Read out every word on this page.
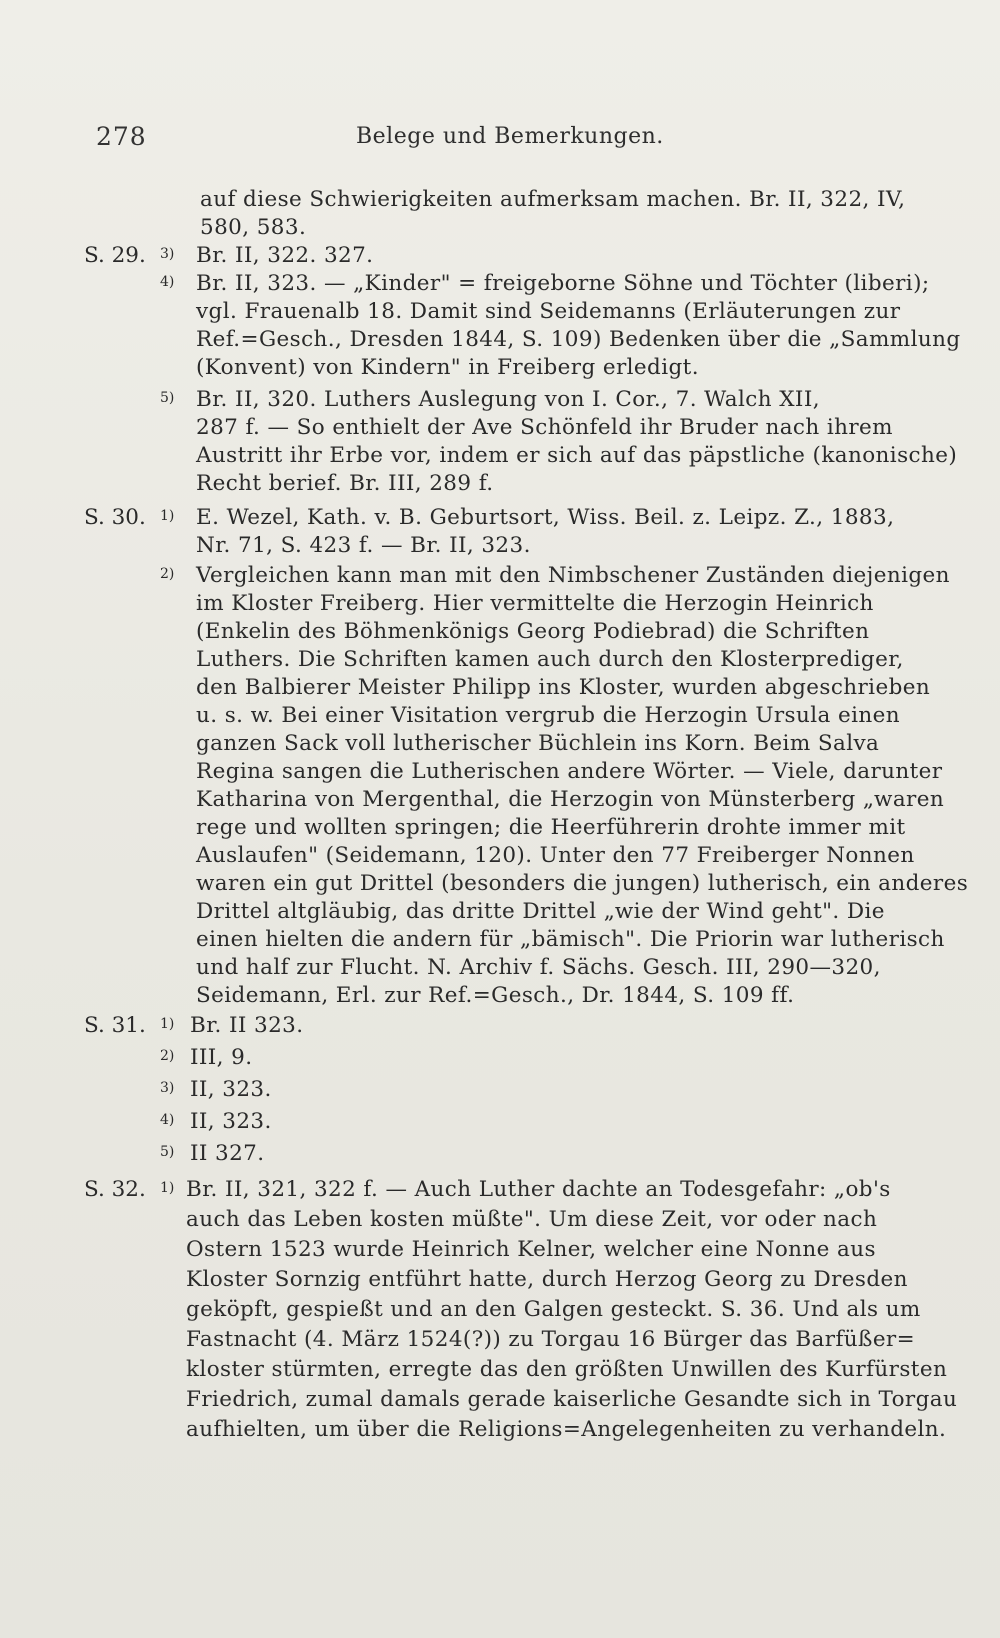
278	Belege und Bemerkungen.
auf diese Schwierigkeiten aufmerksam machen. Br. II, 322, IV,
580, 583.
Br. II, 322. 327.
Br. II, 323. — „Kinder" = freigeborne Söhne und Töchter (liberi);
vgl. Frauenalb 18. Damit sind Seidemanns (Erläuterungen zur
Ref.=Gesch., Dresden 1844, S. 109) Bedenken über die „Sammlung
(Konvent) von Kindern" in Freiberg erledigt.
Br. II, 320. Luthers Auslegung von I. Cor., 7. Walch XII,
287 f. — So enthielt der Ave Schönfeld ihr Bruder nach ihrem
Austritt ihr Erbe vor, indem er sich auf das päpstliche (kanonische)
Recht berief. Br. III, 289 f.
E. Wezel, Kath. v. B. Geburtsort, Wiss. Beil. z. Leipz. Z., 1883,
Nr. 71, S. 423 f. — Br. II, 323.
Vergleichen kann man mit den Nimbschener Zuständen diejenigen
im Kloster Freiberg. Hier vermittelte die Herzogin Heinrich
(Enkelin des Böhmenkönigs Georg Podiebrad) die Schriften
Luthers. Die Schriften kamen auch durch den Klosterprediger,
den Balbierer Meister Philipp ins Kloster, wurden abgeschrieben
u. s. w. Bei einer Visitation vergrub die Herzogin Ursula einen
ganzen Sack voll lutherischer Büchlein ins Korn. Beim Salva
Regina sangen die Lutherischen andere Wörter. — Viele, darunter
Katharina von Mergenthal, die Herzogin von Münsterberg „waren
rege und wollten springen; die Heerführerin drohte immer mit
Auslaufen" (Seidemann, 120). Unter den 77 Freiberger Nonnen
waren ein gut Drittel (besonders die jungen) lutherisch, ein anderes
Drittel altgläubig, das dritte Drittel „wie der Wind geht". Die
einen hielten die andern für „bämisch". Die Priorin war lutherisch
und half zur Flucht. N. Archiv f. Sächs. Gesch. III, 290—320,
Seidemann, Erl. zur Ref.=Gesch., Dr. 1844, S. 109 ff.
Br. II 323.
III, 9.
II, 323.
II, 323.
II 327.
Br. II, 321, 322 f. — Auch Luther dachte an Todesgefahr: „ob's
auch das Leben kosten müßte". Um diese Zeit, vor oder nach
Ostern 1523 wurde Heinrich Kelner, welcher eine Nonne aus
Kloster Sornzig entführt hatte, durch Herzog Georg zu Dresden
geköpft, gespießt und an den Galgen gesteckt. S. 36. Und als um
Fastnacht (4. März 1524(?)) zu Torgau 16 Bürger das Barfüßer=
kloster stürmten, erregte das den größten Unwillen des Kurfürsten
Friedrich, zumal damals gerade kaiserliche Gesandte sich in Torgau
aufhielten, um über die Religions=Angelegenheiten zu verhandeln.
S. 29. 3)
4)
5)
S. 30. 1)
2)
S. 31. 1)
2)
3)
4)
5)
S. 32. 1)
